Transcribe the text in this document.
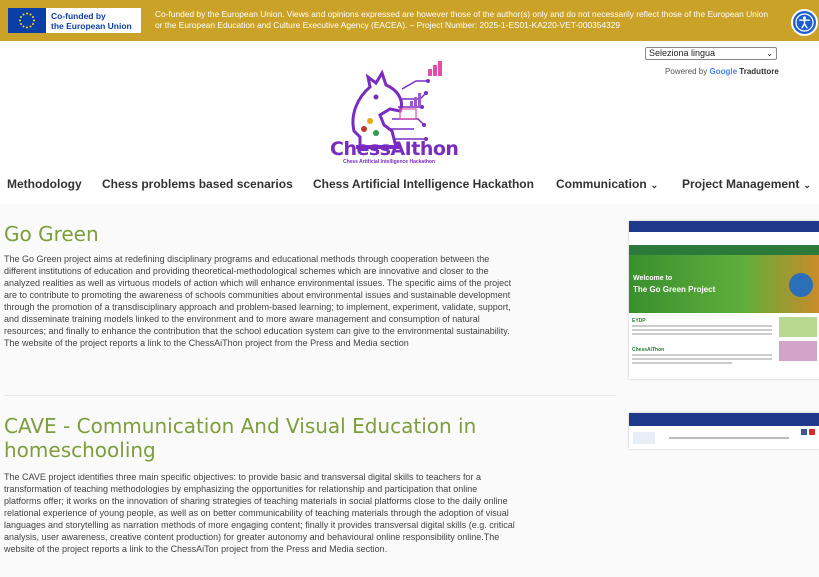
Co-funded by
the European Union
Co-funded by the European Union. Views and opinions expressed are however those of the author(s) only and do not necessarily reflect those of the European Union or the European Education and Culture Executive Agency (EACEA). – Project Number: 2025-1-ES01-KA220-VET-000354329
ChessAIthon
Chess Artificial Intelligence Hackathon
Seleziona lingua	⌄
Powered by Google Traduttore
Methodology Chess problems based scenarios Chess Artificial Intelligence Hackathon Communication ⌄ Project Management ⌄
Go Green
The Go Green project aims at redefining disciplinary programs and educational methods through cooperation between the
different institutions of education and providing theoretical-methodological schemes which are innovative and closer to the
analyzed realities as well as virtuous models of action which will enhance environmental issues. The specific aims of the project
are to contribute to promoting the awareness of schools communities about environmental issues and sustainable development
through the promotion of a transdisciplinary approach and problem-based learning; to implement, experiment, validate, support,
and disseminate training models linked to the environment and to more aware management and consumption of natural
resources; and finally to enhance the contribution that the school education system can give to the environmental sustainability.
The website of the project reports a link to the ChessAiThon project from the Press and Media section
Welcome to
The Go Green Project
EYDP
ChessAiThon
CAVE - Communication And Visual Education in
homeschooling
The CAVE project identifies three main specific objectives: to provide basic and transversal digital skills to teachers for a
transformation of teaching methodologies by emphasizing the opportunities for relationship and participation that online
platforms offer; it works on the innovation of sharing strategies of teaching materials in social platforms close to the daily online
relational experience of young people, as well as on better communicability of teaching materials through the adoption of visual
languages and storytelling as narration methods of more engaging content; finally it provides transversal digital skills (e.g. critical
analysis, user awareness, creative content production) for greater autonomy and behavioural online responsibility online.The
website of the project reports a link to the ChessAiTon project from the Press and Media section.
